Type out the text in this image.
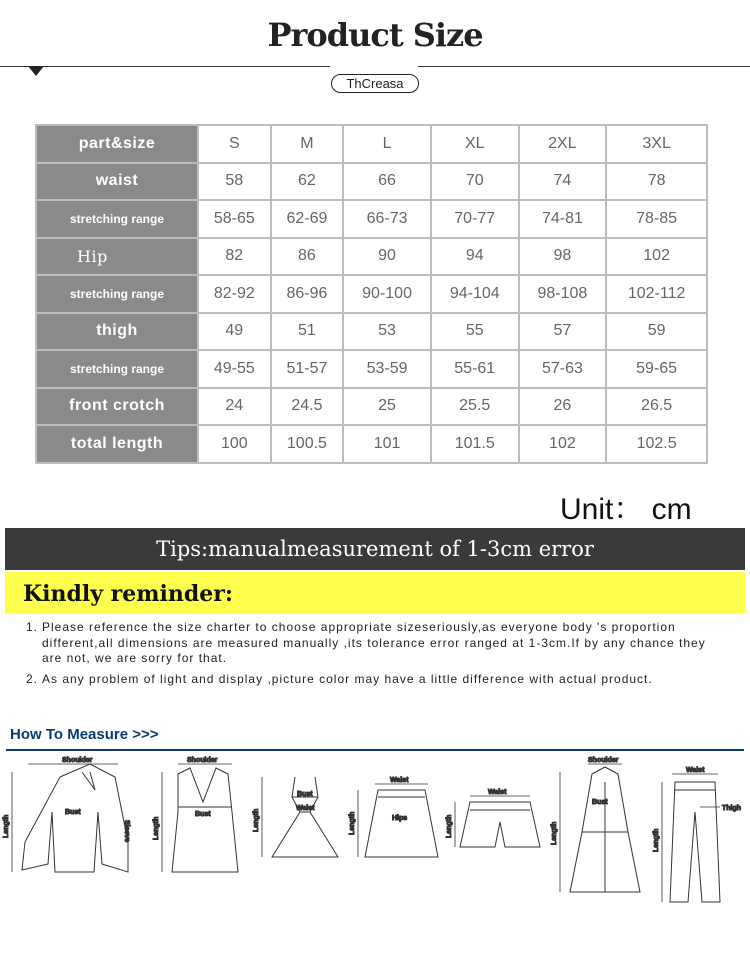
Product Size
ThCreasa
part&size	S	M	L	XL	2XL	3XL
waist	58	62	66	70	74	78
stretching range	58-65	62-69	66-73	70-77	74-81	78-85
Hip	82	86	90	94	98	102
stretching range	82-92	86-96	90-100	94-104	98-108	102-112
thigh	49	51	53	55	57	59
stretching range	49-55	51-57	53-59	55-61	57-63	59-65
front crotch	24	24.5	25	25.5	26	26.5
total length	100	100.5	101	101.5	102	102.5
Unit： cm
Tips:manualmeasurement of 1-3cm error
Kindly reminder:
1. Please reference the size charter to choose appropriate sizeseriously,as everyone body 's proportion different,all dimensions are measured manually ,its tolerance error ranged at 1-3cm.If by any chance they are not, we are sorry for that.
2. As any problem of light and display ,picture color may have a little difference with actual product.
How To Measure >>>
Shoulder
Bust
Length	Sleeve
Shoulder
Bust
Length
Bust
Waist
Length
Waist
Hips
Length
Waist
Length
Shoulder
Bust
Length
Waist
Thigh
Length
